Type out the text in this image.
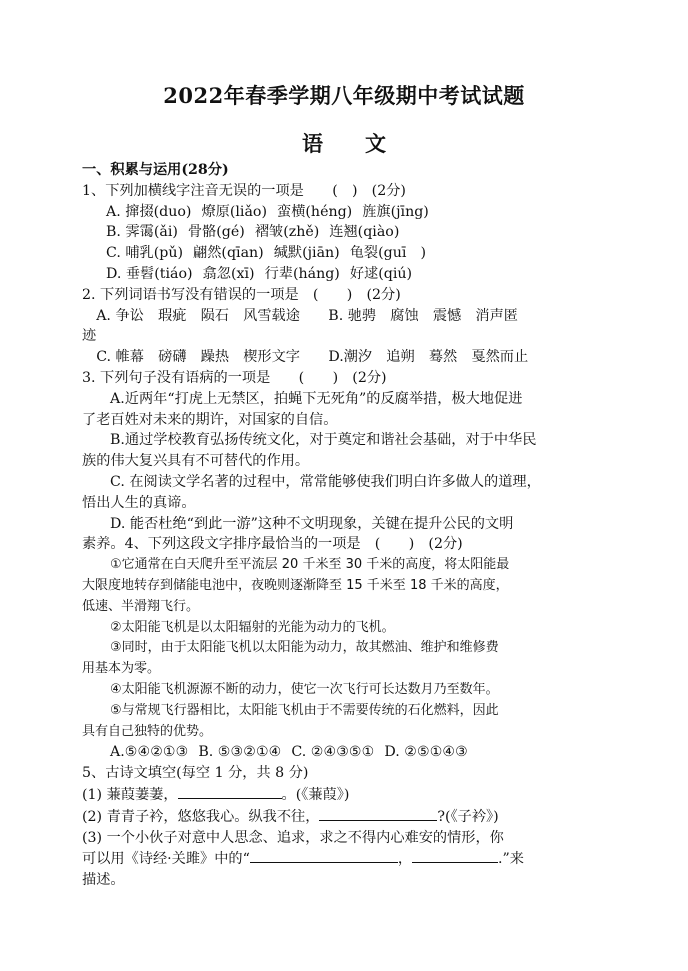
2022年春季学期八年级期中考试试题
语　　文
一、积累与运用(28分)
1、下列加横线字注音无误的一项是　　(　)　(2分)
A. 撺掇(duo) 燎原(liǎo) 蛮横(héng) 旌旗(jīng)
B. 霁霭(ǎi) 骨骼(gé) 褶皱(zhě) 连翘(qiào)
C. 哺乳(pǔ) 翩然(qīan) 缄默(jiān) 龟裂(guī　)
D. 垂髫(tiáo) 翕忽(xī) 行辈(háng) 好逑(qiú)
2. 下列词语书写没有错误的一项是　(　　)　(2分)
　A. 争讼　瑕疵　陨石　风雪载途　　B. 驰骋　腐蚀　震憾　消声匿
迹
　C. 帷幕　磅礴　躁热　楔形文字　　D.潮汐　追朔　蓦然　戛然而止
3. 下列句子没有语病的一项是　　(　　)　(2分)
A.近两年“打虎上无禁区，拍蝇下无死角”的反腐举措，极大地促进
了老百姓对未来的期许，对国家的自信。
B.通过学校教育弘扬传统文化，对于奠定和谐社会基础，对于中华民
族的伟大复兴具有不可替代的作用。
C. 在阅读文学名著的过程中，常常能够使我们明白许多做人的道理，
悟出人生的真谛。
D. 能否杜绝“到此一游”这种不文明现象，关键在提升公民的文明
素养。4、下列这段文字排序最恰当的一项是　(　　)　(2分)
①它通常在白天爬升至平流层 20 千米至 30 千米的高度，将太阳能最
大限度地转存到储能电池中，夜晚则逐渐降至 15 千米至 18 千米的高度，
低速、半滑翔飞行。
②太阳能飞机是以太阳辐射的光能为动力的飞机。
③同时，由于太阳能飞机以太阳能为动力，故其燃油、维护和维修费
用基本为零。
④太阳能飞机源源不断的动力，使它一次飞行可长达数月乃至数年。
⑤与常规飞行器相比，太阳能飞机由于不需要传统的石化燃料，因此
具有自己独特的优势。
A.⑤④②①③ B. ⑤③②①④ C. ②④③⑤① D. ②⑤①④③
5、古诗文填空(每空 1 分，共 8 分)
(1) 蒹葭萋萋，	。(《蒹葭》)
(2) 青青子衿，悠悠我心。纵我不往，	?(《子衿》)
(3) 一个小伙子对意中人思念、追求，求之不得内心难安的情形，你
可以用《诗经·关雎》中的“	，	.”来
描述。
